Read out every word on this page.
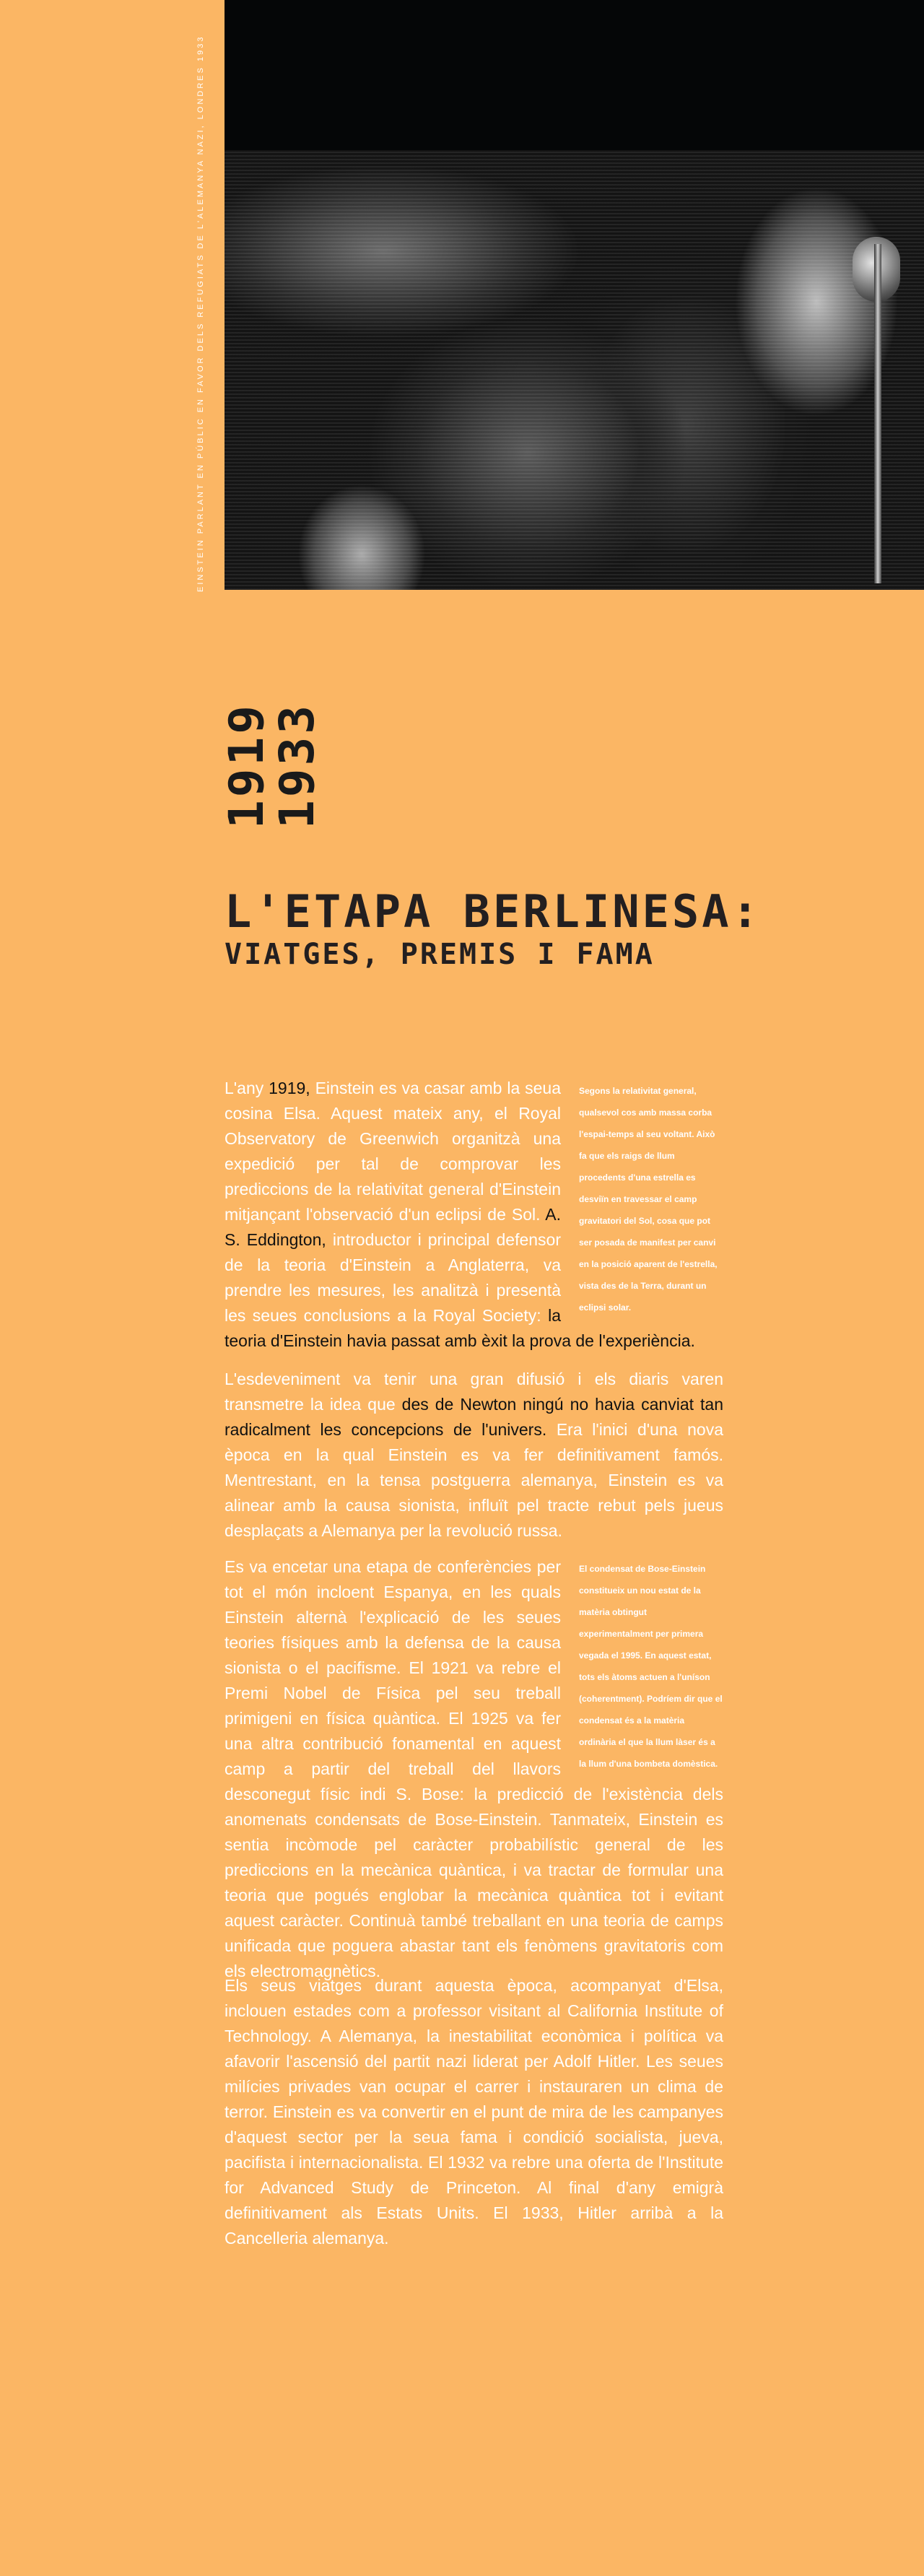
EINSTEIN PARLANT EN PÚBLIC EN FAVOR DELS REFUGIATS DE L'ALEMANYA NAZI, LONDRES 1933
1919
1933
L'ETAPA BERLINESA:
VIATGES, PREMIS I FAMA
Segons la relativitat general, qualsevol cos amb massa corba l'espai-temps al seu voltant. Això fa que els raigs de llum procedents d'una estrella es desviïn en travessar el camp gravitatori del Sol, cosa que pot ser posada de manifest per canvi en la posició aparent de l'estrella, vista des de la Terra, durant un eclipsi solar.

L'any 1919, Einstein es va casar amb la seua cosina Elsa. Aquest mateix any, el Royal Observatory de Greenwich organitzà una expedició per tal de comprovar les prediccions de la relativitat general d'Einstein mitjançant l'observació d'un eclipsi de Sol. A. S. Eddington, introductor i principal defensor de la teoria d'Einstein a Anglaterra, va prendre les mesures, les analitzà i presentà les seues conclusions a la Royal Society: la teoria d'Einstein havia passat amb èxit la prova de l'experiència.

L'esdeveniment va tenir una gran difusió i els diaris varen transmetre la idea que des de Newton ningú no havia canviat tan radicalment les concepcions de l'univers. Era l'inici d'una nova època en la qual Einstein es va fer definitivament famós. Mentrestant, en la tensa postguerra alemanya, Einstein es va alinear amb la causa sionista, influït pel tracte rebut pels jueus desplaçats a Alemanya per la revolució russa.

El condensat de Bose-Einstein constitueix un nou estat de la matèria obtingut experimentalment per primera vegada el 1995. En aquest estat, tots els àtoms actuen a l'uníson (coherentment). Podríem dir que el condensat és a la matèria ordinària el que la llum làser és a la llum d'una bombeta domèstica.

Es va encetar una etapa de conferències per tot el món incloent Espanya, en les quals Einstein alternà l'explicació de les seues teories físiques amb la defensa de la causa sionista o el pacifisme. El 1921 va rebre el Premi Nobel de Física pel seu treball primigeni en física quàntica. El 1925 va fer una altra contribució fonamental en aquest camp a partir del treball del llavors desconegut físic indi S. Bose: la predicció de l'existència dels anomenats condensats de Bose-Einstein. Tanmateix, Einstein es sentia incòmode pel caràcter probabilístic general de les prediccions en la mecànica quàntica, i va tractar de formular una teoria que pogués englobar la mecànica quàntica tot i evitant aquest caràcter. Continuà també treballant en una teoria de camps unificada que poguera abastar tant els fenòmens gravitatoris com els electromagnètics.

Els seus viatges durant aquesta època, acompanyat d'Elsa, inclouen estades com a professor visitant al California Institute of Technology. A Alemanya, la inestabilitat econòmica i política va afavorir l'ascensió del partit nazi liderat per Adolf Hitler. Les seues milícies privades van ocupar el carrer i instauraren un clima de terror. Einstein es va convertir en el punt de mira de les campanyes d'aquest sector per la seua fama i condició socialista, jueva, pacifista i internacionalista. El 1932 va rebre una oferta de l'Institute for Advanced Study de Princeton. Al final d'any emigrà definitivament als Estats Units. El 1933, Hitler arribà a la Cancelleria alemanya.
